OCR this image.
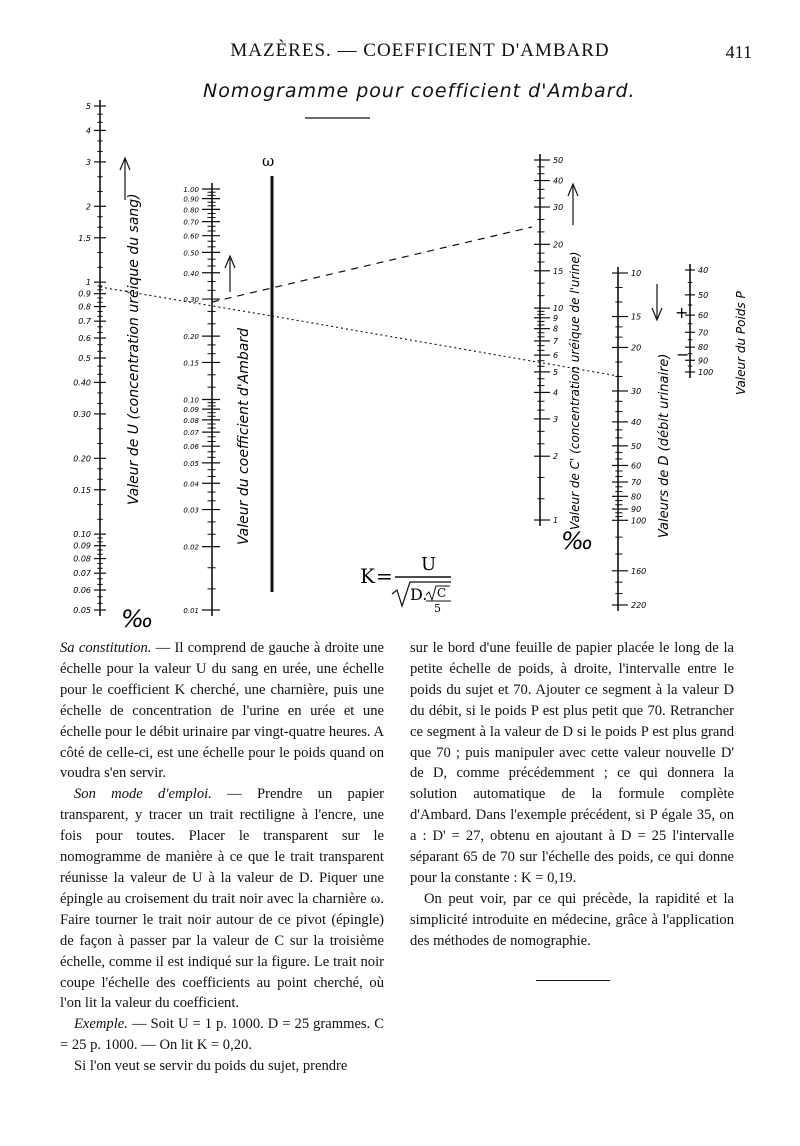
MAZÈRES. — COEFFICIENT D'AMBARD	411
Nomogramme pour coefficient d'Ambard.
ω
5
4
3
2
1.5
1
0.9
0.8
0.7
0.6
0.5
0.40
0.30
0.20
0.15
0.10
0.09
0.08
0.07
0.06
0.05
1.00
0.90
0.80
0.70
0.60
0.50
0.40
0.30
0.20
0.15
0.10
0.09
0.08
0.07
0.06
0.05
0.04
0.03
0.02
0.01
50
40
30
20
15
10
9
8
7
6
5
4
3
2
1
10
15
20
30
40
50
60
70
80
90
100
160
220
40
50
60
70
80
90
100
‰
‰
Valeur de U (concentration uréique du sang)	Valeur du coefficient d'Ambard	Valeur de C' (concentration uréique de l'urine)	Valeurs de D (débit urinaire)
Valeur du Poids P
+
−
K = U
D. C
5

Sa constitution. — Il comprend de gauche à droite une échelle pour la valeur U du sang en urée, une échelle pour le coefficient K cherché, une charnière, puis une échelle de concentration de l'urine en urée et une échelle pour le débit urinaire par vingt-quatre heures. A côté de celle-ci, est une échelle pour le poids quand on voudra s'en servir.

Son mode d'emploi. — Prendre un papier transparent, y tracer un trait rectiligne à l'encre, une fois pour toutes. Placer le transparent sur le nomogramme de manière à ce que le trait transparent réunisse la valeur de U à la valeur de D. Piquer une épingle au croisement du trait noir avec la charnière ω. Faire tourner le trait noir autour de ce pivot (épingle) de façon à passer par la valeur de C sur la troisième échelle, comme il est indiqué sur la figure. Le trait noir coupe l'échelle des coefficients au point cherché, où l'on lit la valeur du coefficient.

Exemple. — Soit U = 1 p. 1000. D = 25 grammes. C = 25 p. 1000. — On lit K = 0,20.

Si l'on veut se servir du poids du sujet, prendre

sur le bord d'une feuille de papier placée le long de la petite échelle de poids, à droite, l'intervalle entre le poids du sujet et 70. Ajouter ce segment à la valeur D du débit, si le poids P est plus petit que 70. Retrancher ce segment à la valeur de D si le poids P est plus grand que 70 ; puis manipuler avec cette valeur nouvelle D' de D, comme précédemment ; ce qui donnera la solution automatique de la formule complète d'Ambard. Dans l'exemple précédent, si P égale 35, on a : D' = 27, obtenu en ajoutant à D = 25 l'intervalle séparant 65 de 70 sur l'échelle des poids, ce qui donne pour la constante : K = 0,19.

On peut voir, par ce qui précède, la rapidité et la simplicité introduite en médecine, grâce à l'application des méthodes de nomographie.
